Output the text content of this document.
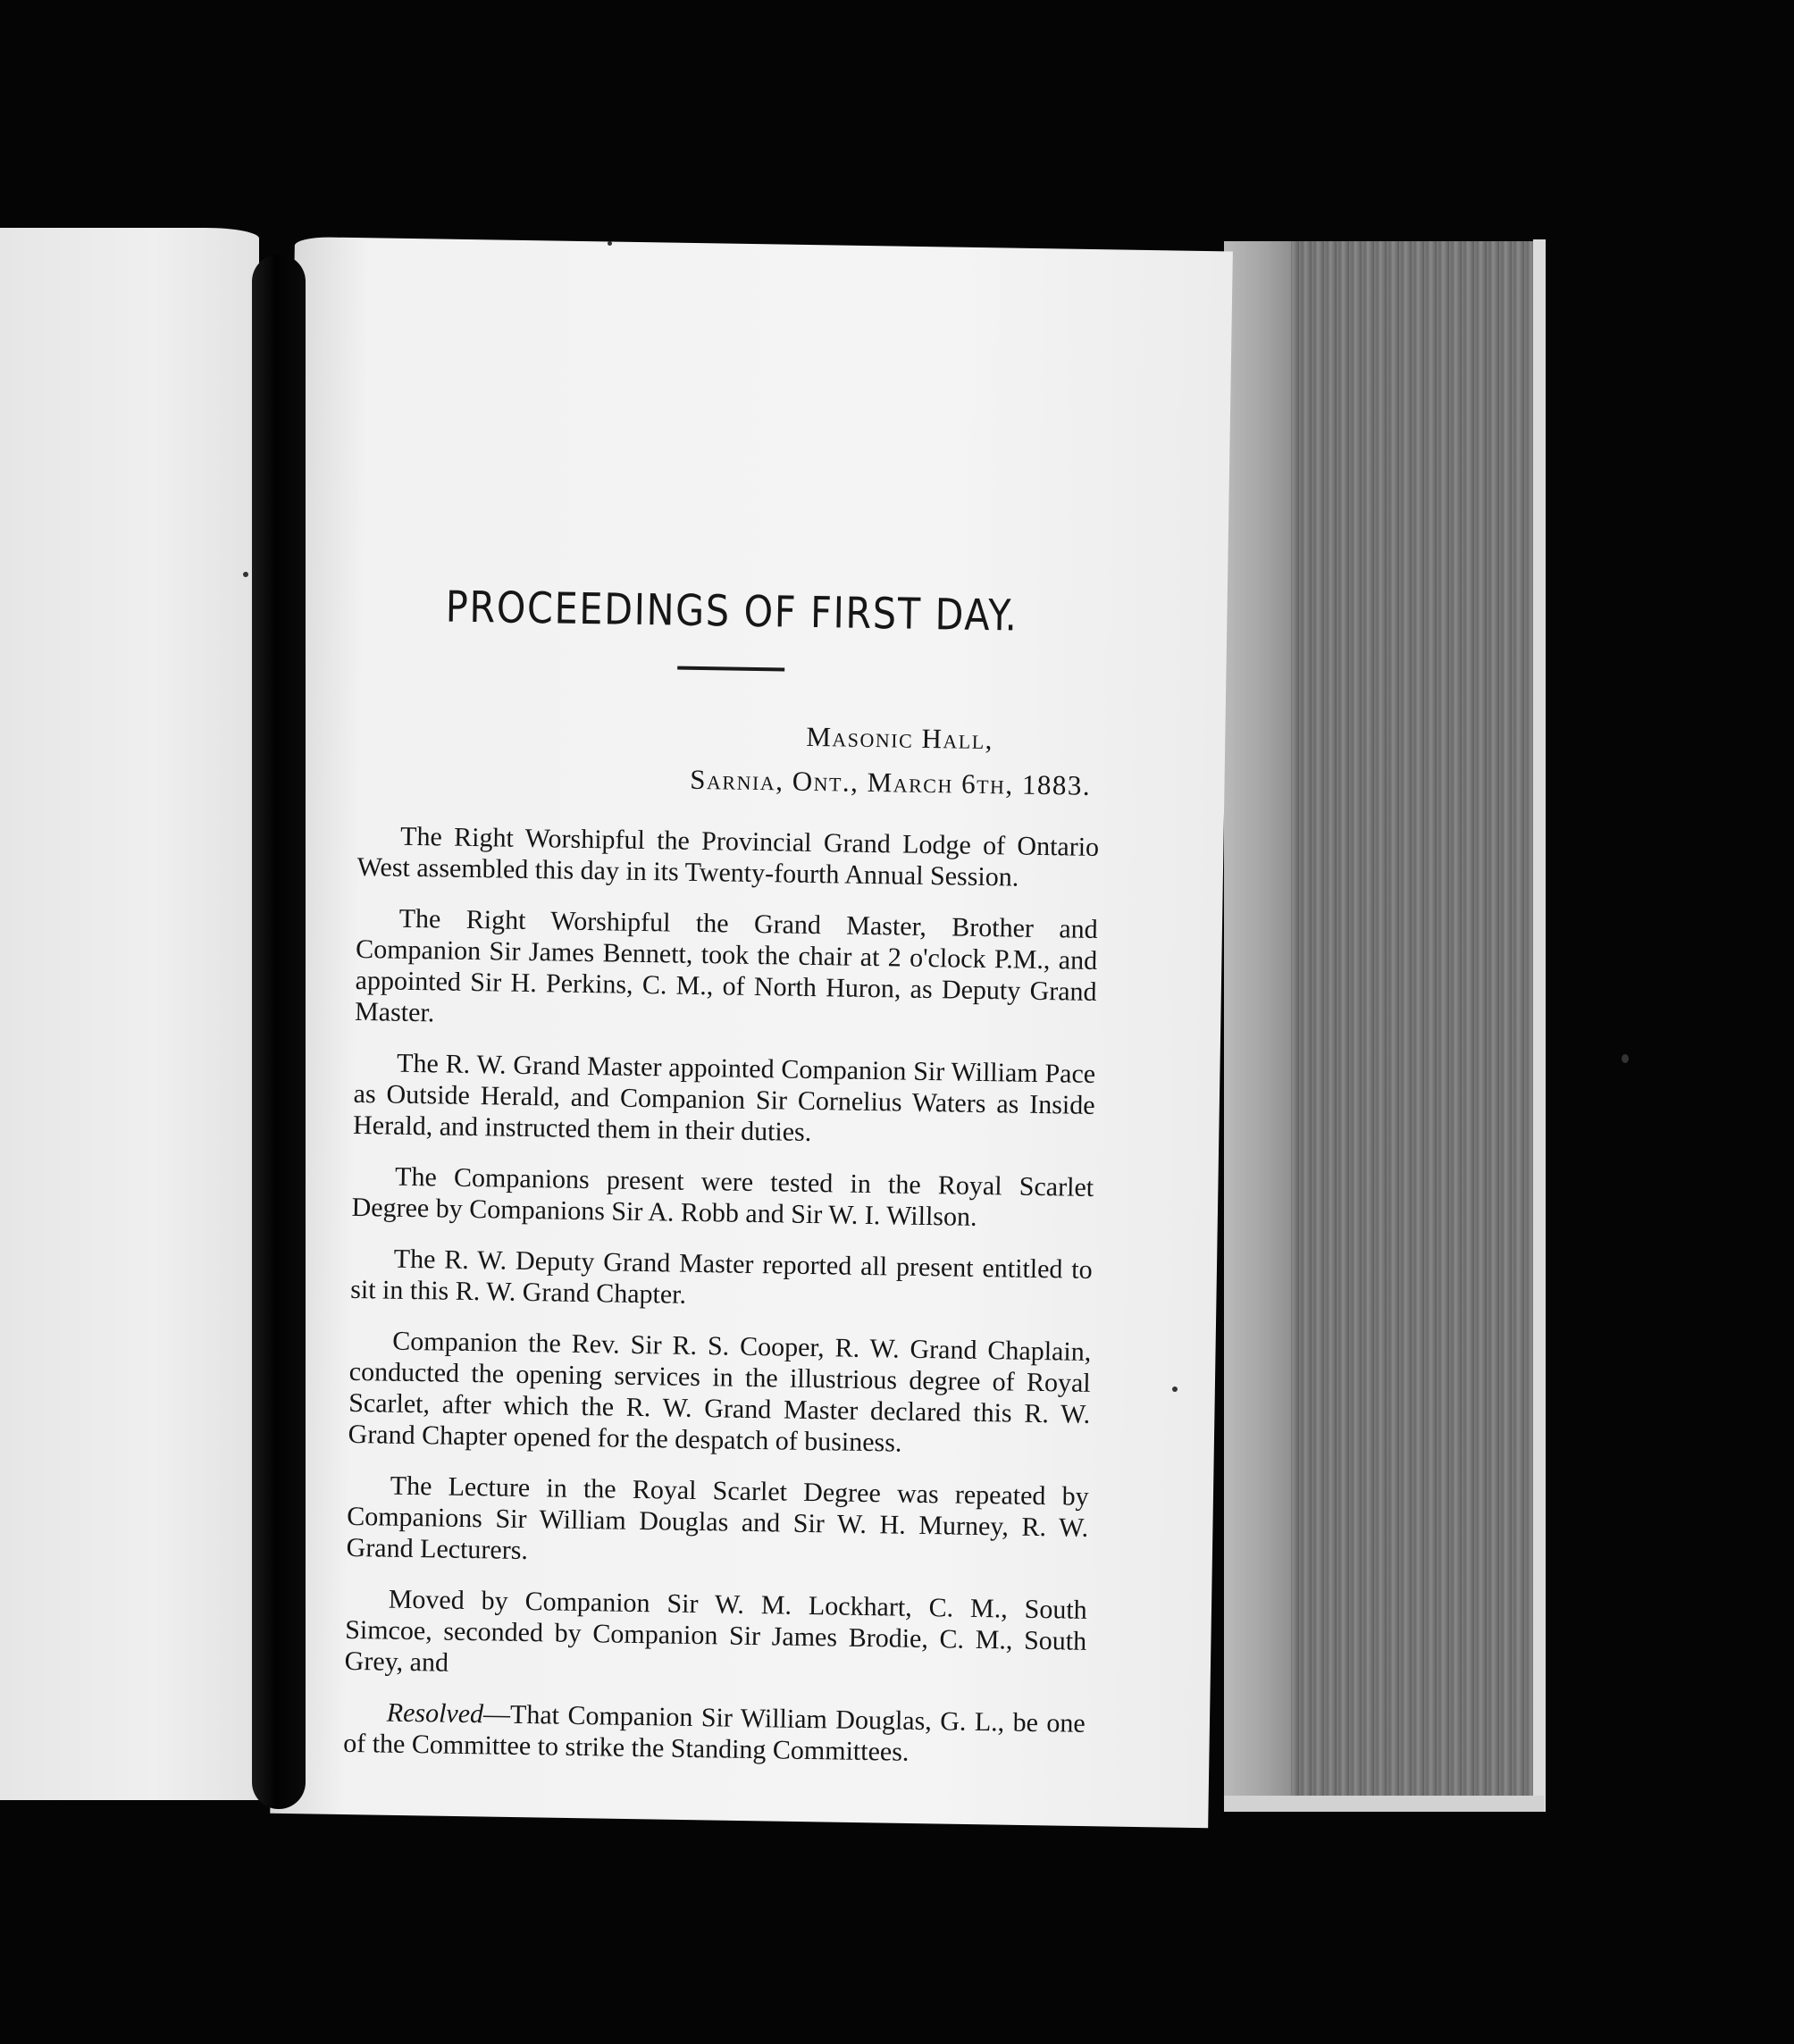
PROCEEDINGS OF FIRST DAY.
Masonic Hall,
Sarnia, Ont., March 6th, 1883.

The Right Worshipful the Provincial Grand Lodge of Ontario West assembled this day in its Twenty-fourth Annual Session.

The Right Worshipful the Grand Master, Brother and Companion Sir James Bennett, took the chair at 2 o'clock P.M., and appointed Sir H. Perkins, C. M., of North Huron, as Deputy Grand Master.

The R. W. Grand Master appointed Companion Sir William Pace as Outside Herald, and Companion Sir Cornelius Waters as Inside Herald, and instructed them in their duties.

The Companions present were tested in the Royal Scarlet Degree by Companions Sir A. Robb and Sir W. I. Willson.

The R. W. Deputy Grand Master reported all present entitled to sit in this R. W. Grand Chapter.

Companion the Rev. Sir R. S. Cooper, R. W. Grand Chaplain, conducted the opening services in the illustrious degree of Royal Scarlet, after which the R. W. Grand Master declared this R. W. Grand Chapter opened for the despatch of business.

The Lecture in the Royal Scarlet Degree was repeated by Companions Sir William Douglas and Sir W. H. Murney, R. W. Grand Lecturers.

Moved by Companion Sir W. M. Lockhart, C. M., South Simcoe, seconded by Companion Sir James Brodie, C. M., South Grey, and

Resolved—That Companion Sir William Douglas, G. L., be one of the Committee to strike the Standing Committees.
